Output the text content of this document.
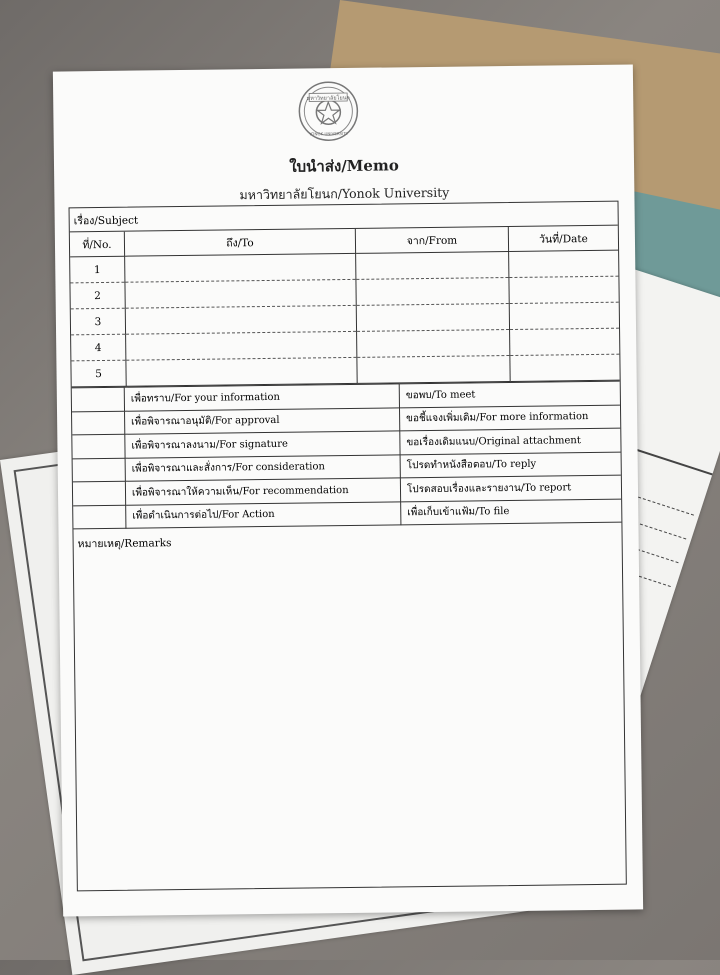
มหาวิทยาลัยโยนก
YONOK UNIVERSITY
ใบนำส่ง/Memo
มหาวิทยาลัยโยนก/Yonok University
เรื่อง/Subject
ที่/No.	ถึง/To	จาก/From	วันที่/Date
1			
2			
3			
4			
5			
	เพื่อทราบ/For your information	ขอพบ/To meet
	เพื่อพิจารณาอนุมัติ/For approval	ขอชี้แจงเพิ่มเติม/For more information
	เพื่อพิจารณาลงนาม/For signature	ขอเรื่องเดิมแนบ/Original attachment
	เพื่อพิจารณาและสั่งการ/For consideration	โปรดทำหนังสือตอบ/To reply
	เพื่อพิจารณาให้ความเห็น/For recommendation	โปรดสอบเรื่องและรายงาน/To report
	เพื่อดำเนินการต่อไป/For Action	เพื่อเก็บเข้าแฟ้ม/To file
หมายเหตุ/Remarks
